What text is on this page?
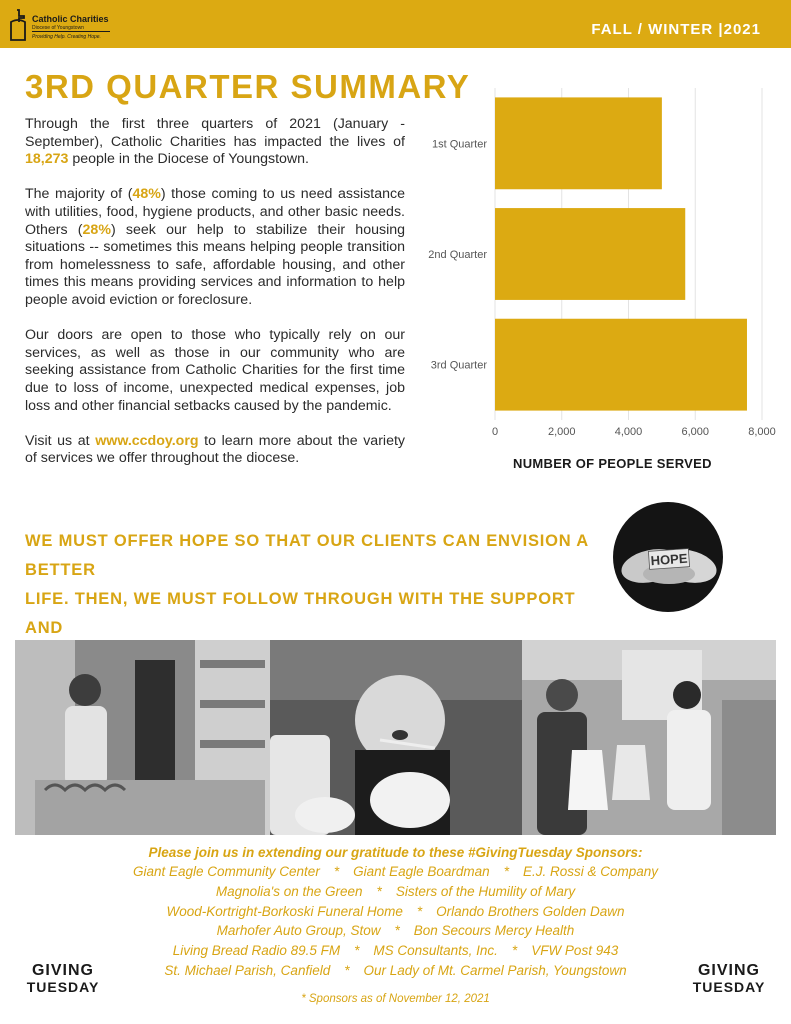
Catholic Charities
Diocese of Youngstown
Providing Help. Creating Hope.	FALL / WINTER |2021
3RD QUARTER SUMMARY

Through the first three quarters of 2021 (January - September), Catholic Charities has impacted the lives of 18,273 people in the Diocese of Youngstown.

The majority of (48%) those coming to us need assistance with utilities, food, hygiene products, and other basic needs. Others (28%) seek our help to stabilize their housing situations -- sometimes this means helping people transition from homelessness to safe, affordable housing, and other times this means providing services and information to help people avoid eviction or foreclosure.

Our doors are open to those who typically rely on our services, as well as those in our community who are seeking assistance from Catholic Charities for the first time due to loss of income, unexpected medical expenses, job loss and other financial setbacks caused by the pandemic.

Visit us at www.ccdoy.org to learn more about the variety of services we offer throughout the diocese.

0	2,000	4,000	6,000	8,000
1st Quarter
2nd Quarter
3rd Quarter
NUMBER OF PEOPLE SERVED
WE MUST OFFER HOPE SO THAT OUR CLIENTS CAN ENVISION A BETTER
LIFE. THEN, WE MUST FOLLOW THROUGH WITH THE SUPPORT AND
HOPE
Please join us in extending our gratitude to these #GivingTuesday Sponsors:
Giant Eagle Community Center * Giant Eagle Boardman * E.J. Rossi & Company
Magnolia's on the Green * Sisters of the Humility of Mary
Wood-Kortright-Borkoski Funeral Home * Orlando Brothers Golden Dawn
Marhofer Auto Group, Stow * Bon Secours Mercy Health
Living Bread Radio 89.5 FM * MS Consultants, Inc. * VFW Post 943
St. Michael Parish, Canfield * Our Lady of Mt. Carmel Parish, Youngstown
* Sponsors as of November 12, 2021
GIVING
TUESDAY
GIVING
TUESDAY
